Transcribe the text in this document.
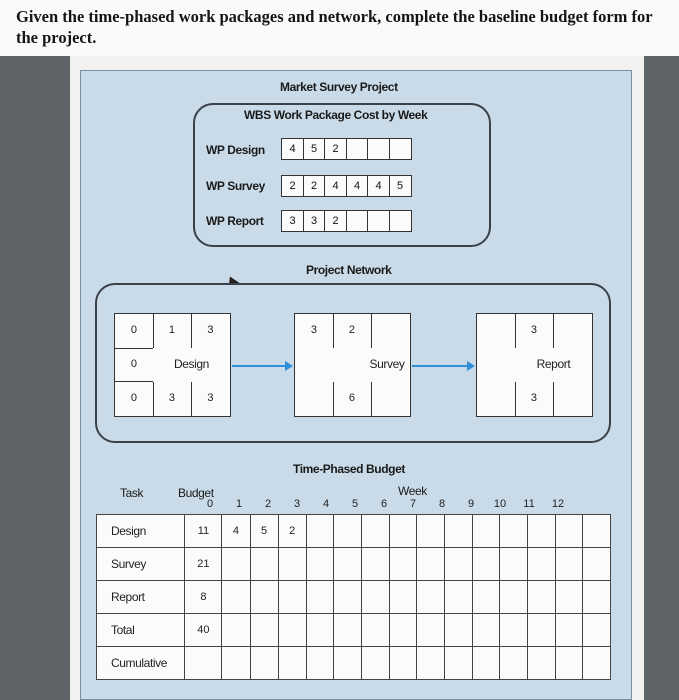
Given the time-phased work packages and network, complete the baseline budget form for the project.

Market Survey Project
WBS Work Package Cost by Week
WP Design	4	5	2
WP Survey	2	2	4	4	4	5
WP Report	3	3	2
Project Network
0	1	3
0	Design
0	3	3
3	2
Survey
6
3
Report
3
Time-Phased Budget
Task	Budget	Week
0	1	2	3	4	5	6	7	8	9	10	11	12
Design	11	4	5	2											
Survey	21														
Report	8														
Total	40														
Cumulative															
